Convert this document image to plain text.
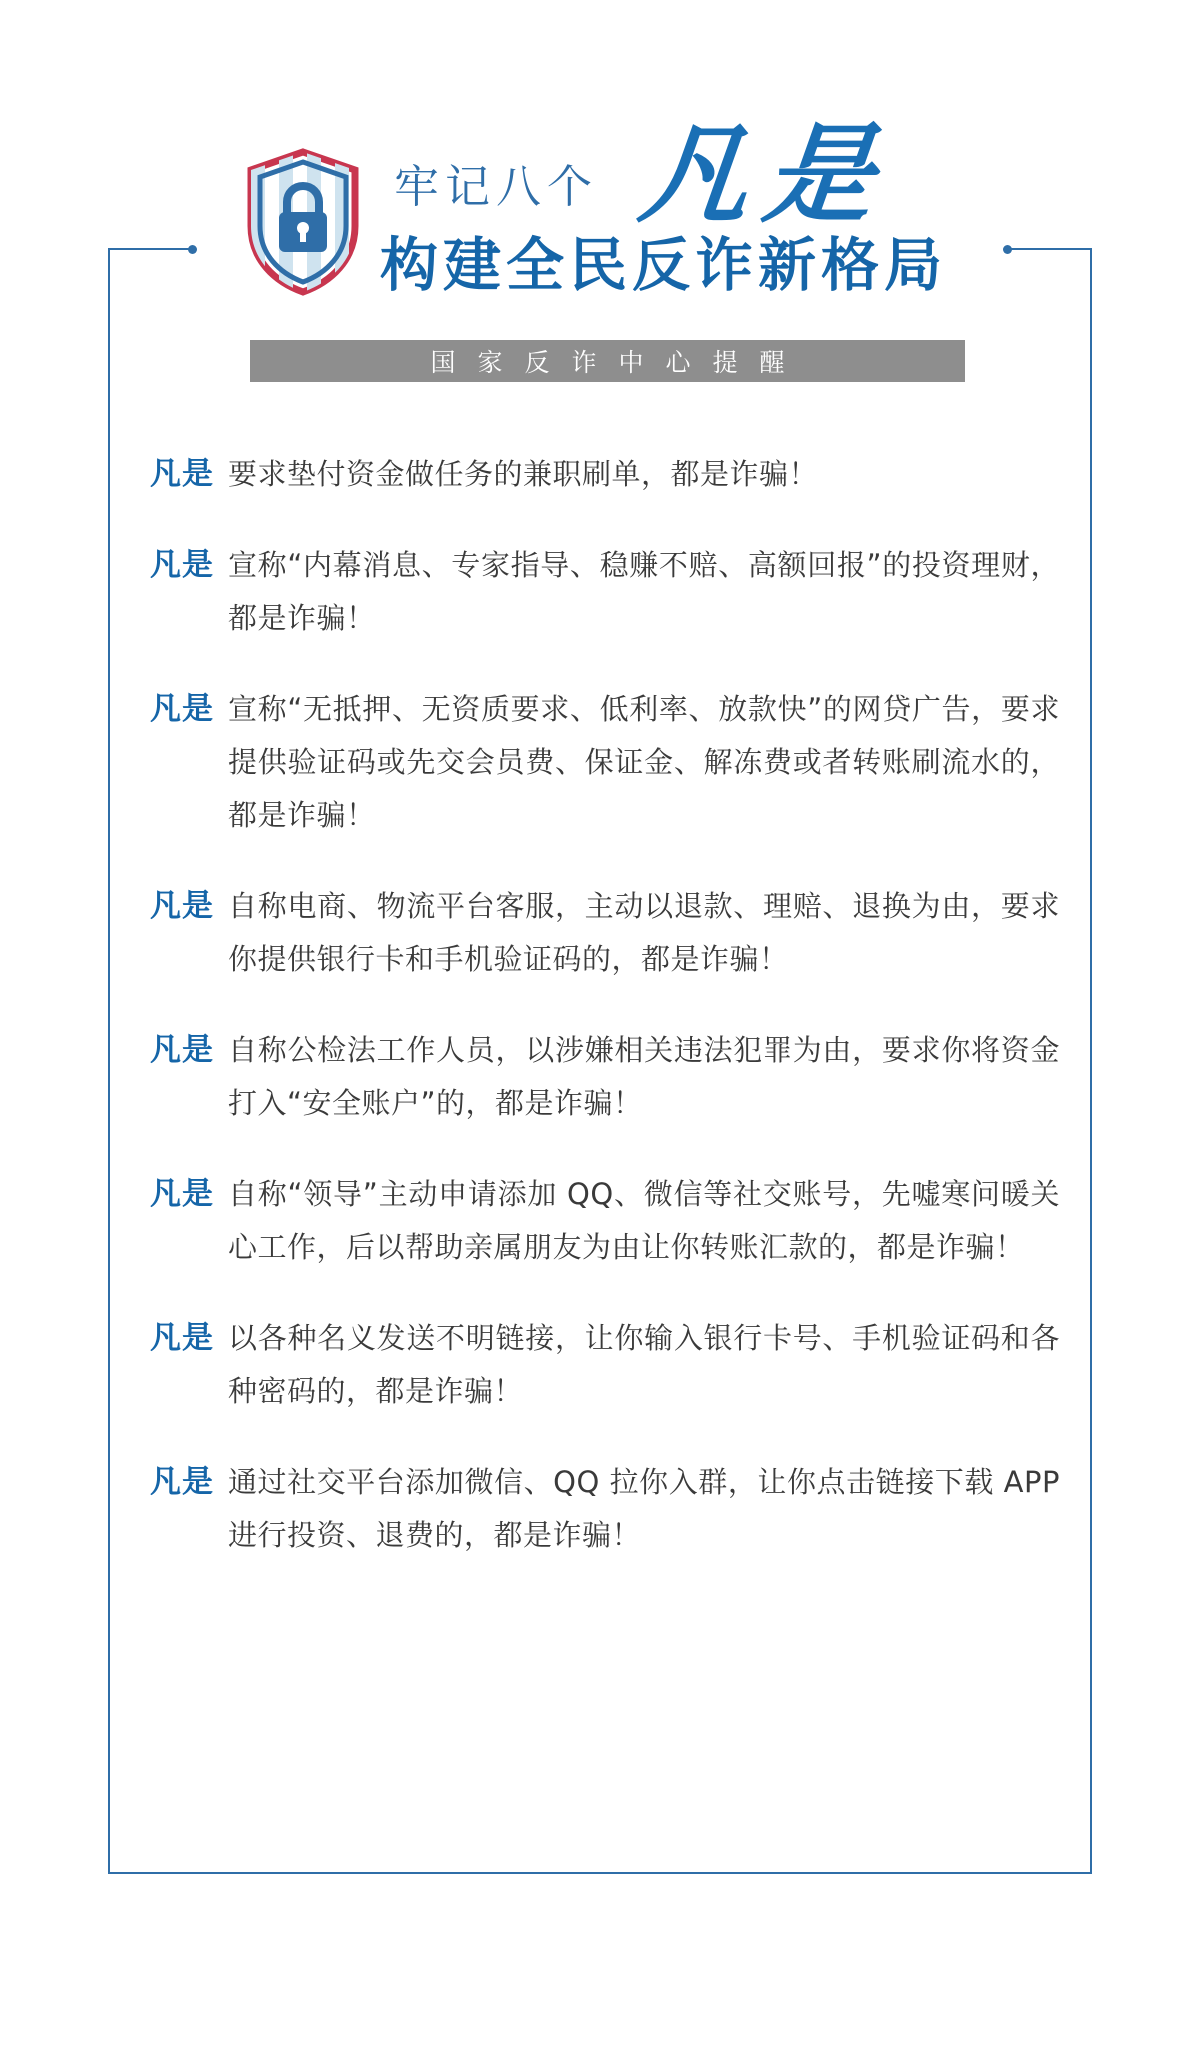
牢记八个 凡是
构建全民反诈新格局
国家反诈中心提醒
凡是 要求垫付资金做任务的兼职刷单，都是诈骗！
凡是 宣称“内幕消息、专家指导、稳赚不赔、高额回报”的投资理财，都是诈骗！
凡是 宣称“无抵押、无资质要求、低利率、放款快”的网贷广告，要求提供验证码或先交会员费、保证金、解冻费或者转账刷流水的，都是诈骗！
凡是 自称电商、物流平台客服，主动以退款、理赔、退换为由，要求你提供银行卡和手机验证码的，都是诈骗！
凡是 自称公检法工作人员，以涉嫌相关违法犯罪为由，要求你将资金打入“安全账户”的，都是诈骗！
凡是 自称“领导”主动申请添加 QQ、微信等社交账号，先嘘寒问暖关心工作，后以帮助亲属朋友为由让你转账汇款的，都是诈骗！
凡是 以各种名义发送不明链接，让你输入银行卡号、手机验证码和各种密码的，都是诈骗！
凡是 通过社交平台添加微信、QQ 拉你入群，让你点击链接下载 APP 进行投资、退费的，都是诈骗！
